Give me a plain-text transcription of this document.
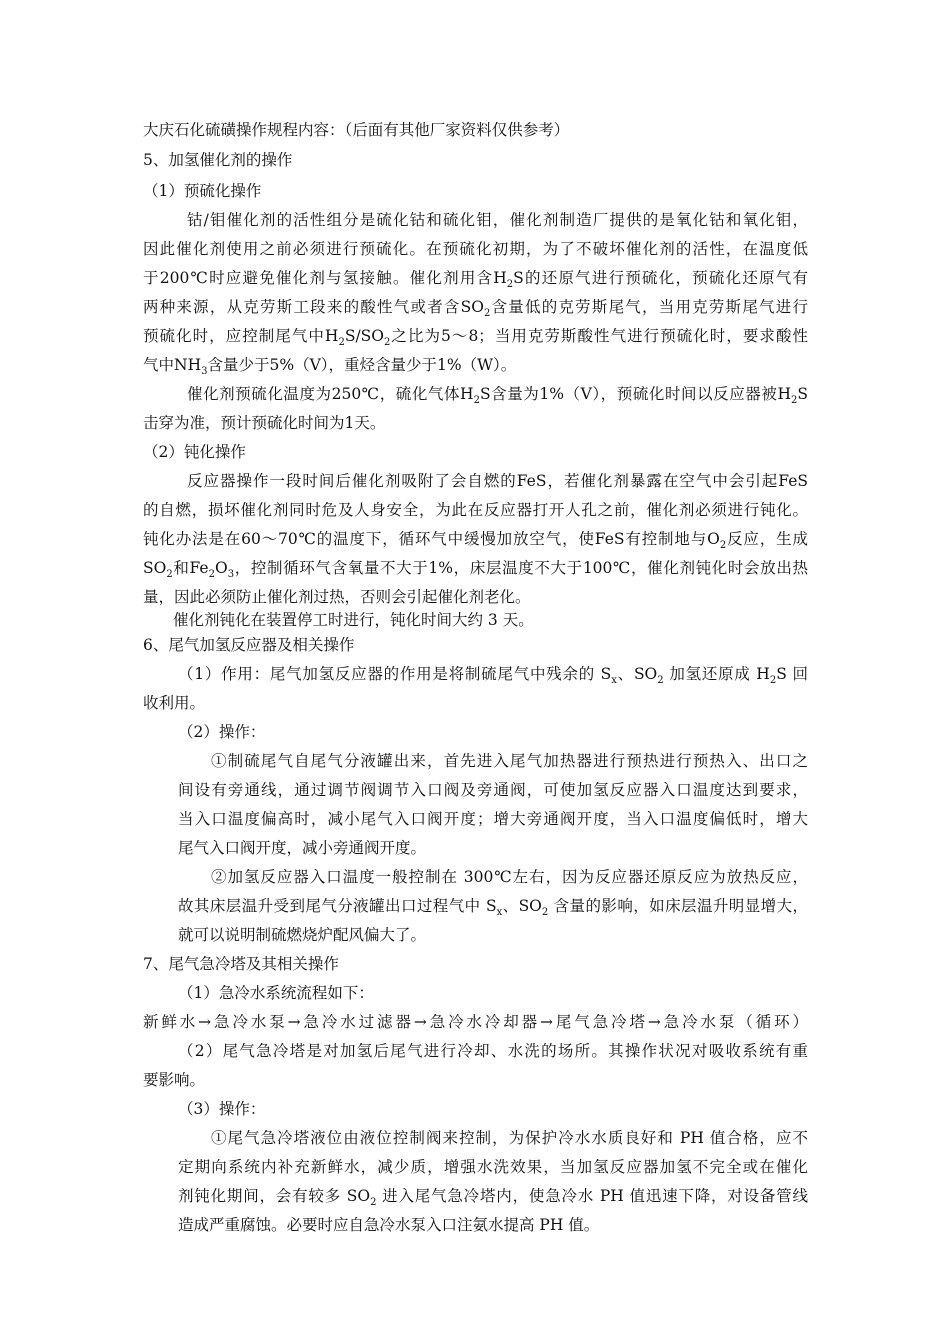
大庆石化硫磺操作规程内容：（后面有其他厂家资料仅供参考）
5、加氢催化剂的操作
（1）预硫化操作
钴/钼催化剂的活性组分是硫化钴和硫化钼，催化剂制造厂提供的是氧化钴和氧化钼，
因此催化剂使用之前必须进行预硫化。在预硫化初期，为了不破坏催化剂的活性，在温度低
于200℃时应避免催化剂与氢接触。催化剂用含$H_2S$的还原气进行预硫化，预硫化还原气有
两种来源，从克劳斯工段来的酸性气或者含$SO_2$含量低的克劳斯尾气，当用克劳斯尾气进行
预硫化时，应控制尾气中$H_2S/SO_2$之比为5～8；当用克劳斯酸性气进行预硫化时，要求酸性
气中$NH_3$含量少于5%（V），重烃含量少于1%（W）。
催化剂预硫化温度为250℃，硫化气体$H_2S$含量为1%（V），预硫化时间以反应器被$H_2S$
击穿为准，预计预硫化时间为1天。
（2）钝化操作
反应器操作一段时间后催化剂吸附了会自燃的FeS，若催化剂暴露在空气中会引起FeS
的自燃，损坏催化剂同时危及人身安全，为此在反应器打开人孔之前，催化剂必须进行钝化。
钝化办法是在60～70℃的温度下，循环气中缓慢加放空气，使FeS有控制地与$O_2$反应，生成
$SO_2$和$Fe_2O_3$，控制循环气含氧量不大于1%，床层温度不大于100℃，催化剂钝化时会放出热
量，因此必须防止催化剂过热，否则会引起催化剂老化。
催化剂钝化在装置停工时进行，钝化时间大约 3 天。
6、尾气加氢反应器及相关操作
（1）作用：尾气加氢反应器的作用是将制硫尾气中残余的 $S_x$、$SO_2$ 加氢还原成 $H_2S$ 回
收利用。
（2）操作：
①制硫尾气自尾气分液罐出来，首先进入尾气加热器进行预热进行预热入、出口之
间设有旁通线，通过调节阀调节入口阀及旁通阀，可使加氢反应器入口温度达到要求，
当入口温度偏高时，减小尾气入口阀开度；增大旁通阀开度，当入口温度偏低时，增大
尾气入口阀开度，减小旁通阀开度。
②加氢反应器入口温度一般控制在 300℃左右，因为反应器还原反应为放热反应，
故其床层温升受到尾气分液罐出口过程气中 $S_x$、$SO_2$ 含量的影响，如床层温升明显增大，
就可以说明制硫燃烧炉配风偏大了。
7、尾气急冷塔及其相关操作
（1）急冷水系统流程如下：
新鲜水→急冷水泵→急冷水过滤器→急冷水冷却器→尾气急冷塔→急冷水泵（循环）
（2）尾气急冷塔是对加氢后尾气进行冷却、水洗的场所。其操作状况对吸收系统有重
要影响。
（3）操作：
①尾气急冷塔液位由液位控制阀来控制，为保护冷水水质良好和 PH 值合格，应不
定期向系统内补充新鲜水，减少质，增强水洗效果，当加氢反应器加氢不完全或在催化
剂钝化期间，会有较多 $SO_2$ 进入尾气急冷塔内，使急冷水 PH 值迅速下降，对设备管线
造成严重腐蚀。必要时应自急冷水泵入口注氨水提高 PH 值。
